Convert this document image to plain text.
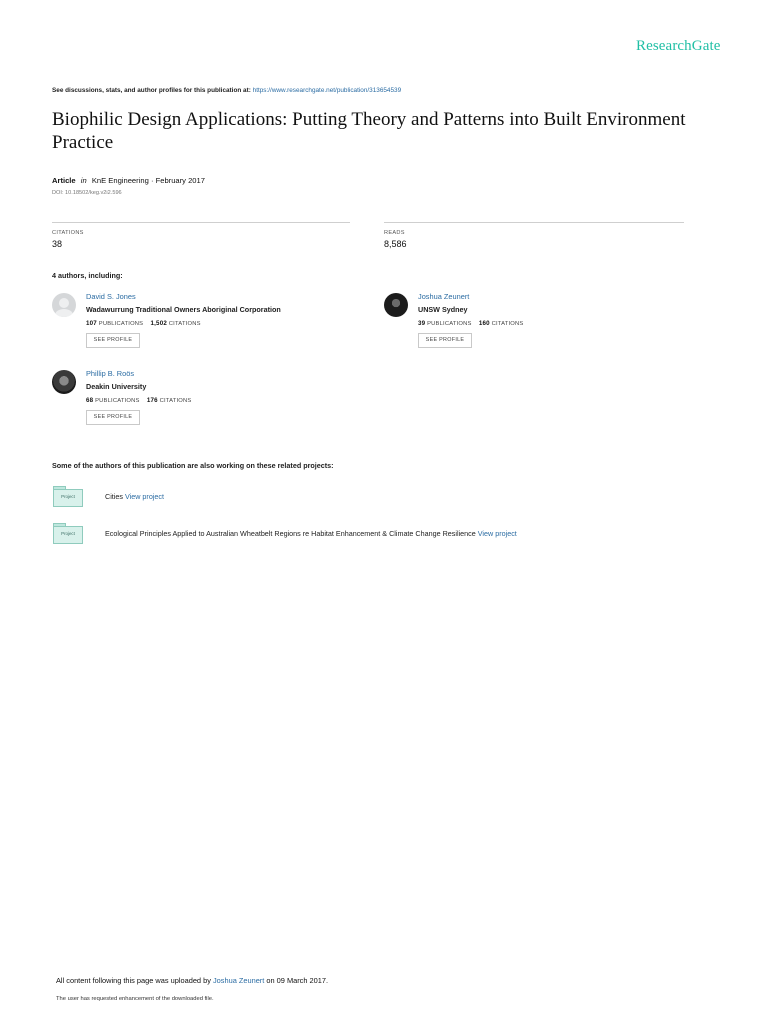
ResearchGate
See discussions, stats, and author profiles for this publication at: https://www.researchgate.net/publication/313654539
Biophilic Design Applications: Putting Theory and Patterns into Built Environment Practice
Article in KnE Engineering · February 2017
DOI: 10.18502/keg.v2i2.596
CITATIONS
38
READS
8,586
4 authors, including:
David S. Jones
Wadawurrung Traditional Owners Aboriginal Corporation
107 PUBLICATIONS 1,502 CITATIONS
SEE PROFILE
Joshua Zeunert
UNSW Sydney
39 PUBLICATIONS 160 CITATIONS
SEE PROFILE
Phillip B. Roös
Deakin University
68 PUBLICATIONS 176 CITATIONS
SEE PROFILE
Some of the authors of this publication are also working on these related projects:
Project	Cities View project
Project	Ecological Principles Applied to Australian Wheatbelt Regions re Habitat Enhancement & Climate Change Resilience View project
All content following this page was uploaded by Joshua Zeunert on 09 March 2017.
The user has requested enhancement of the downloaded file.
